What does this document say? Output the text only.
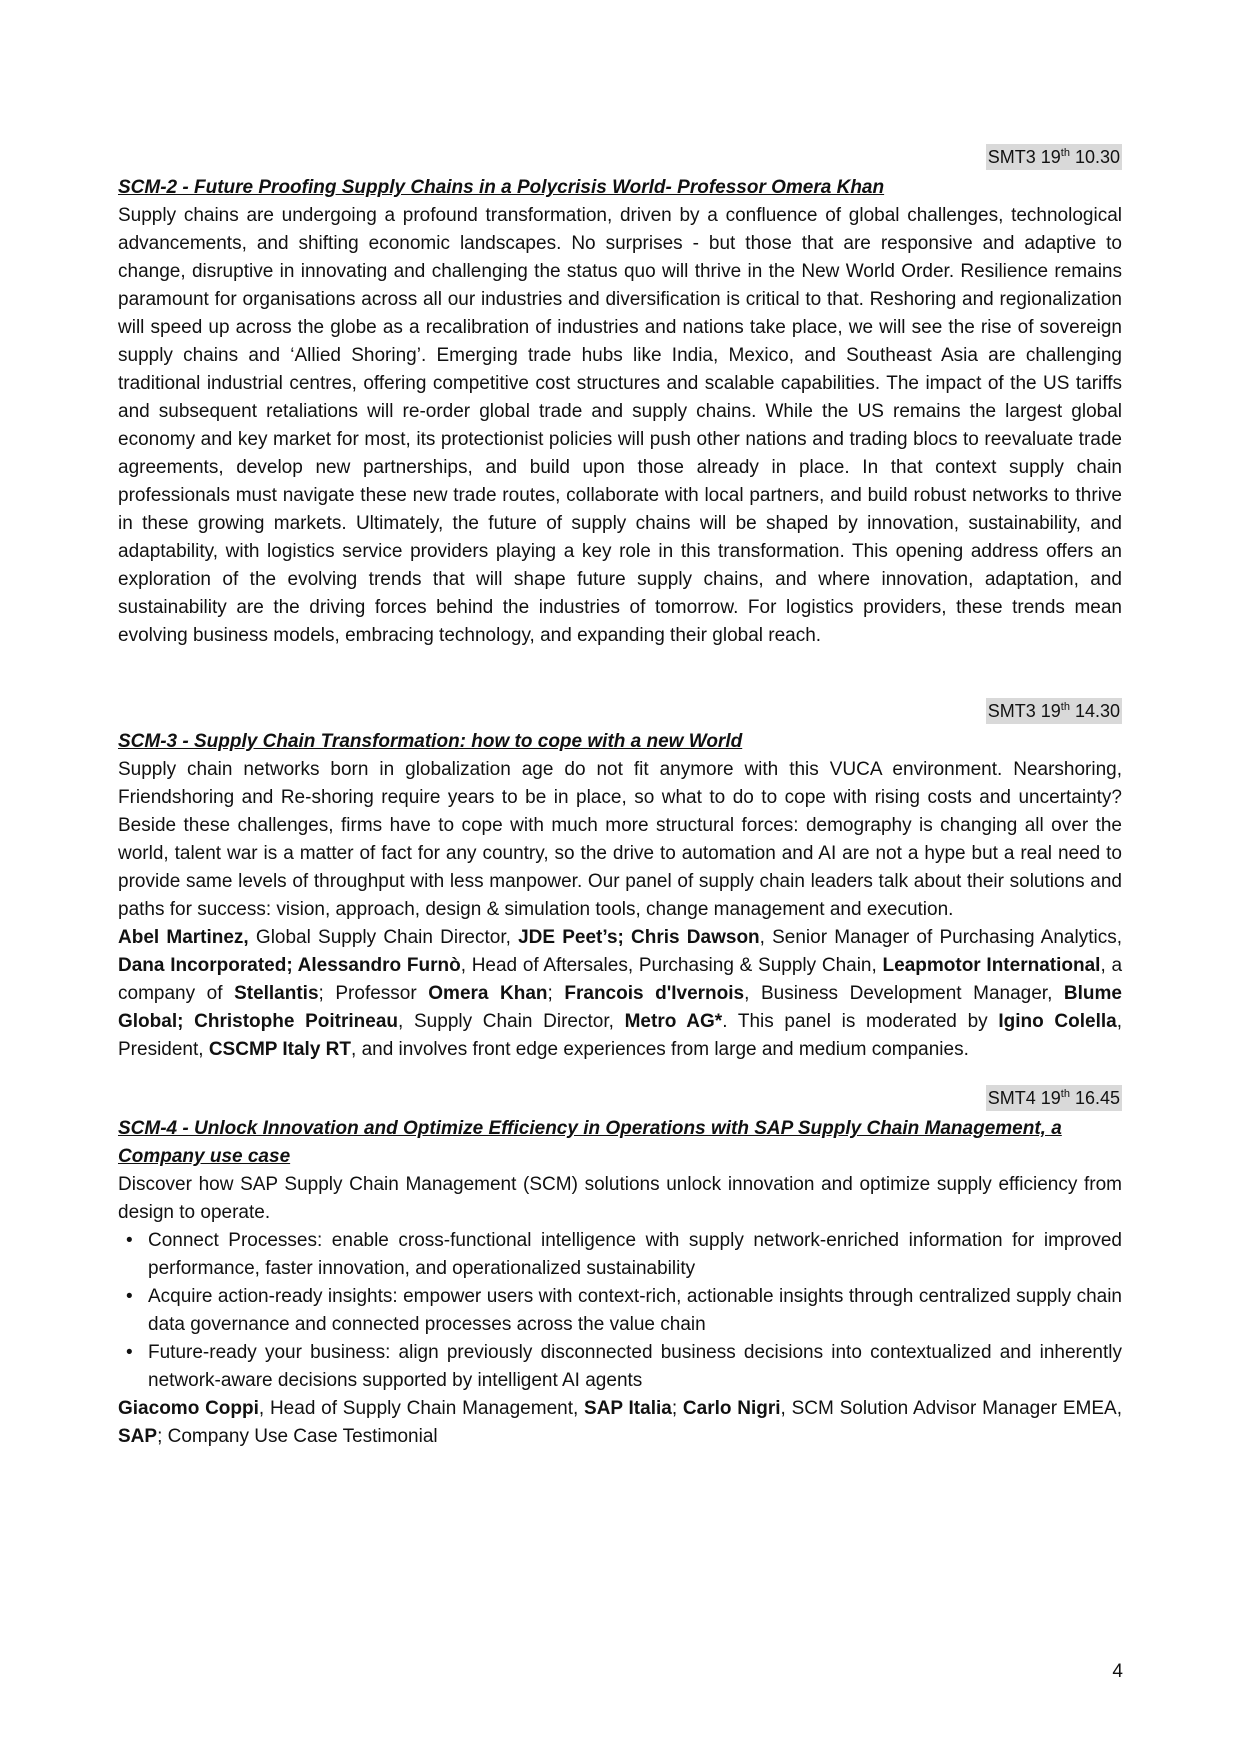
SMT3 19th 10.30

SCM-2 - Future Proofing Supply Chains in a Polycrisis World- Professor Omera Khan

Supply chains are undergoing a profound transformation, driven by a confluence of global challenges, technological advancements, and shifting economic landscapes. No surprises - but those that are responsive and adaptive to change, disruptive in innovating and challenging the status quo will thrive in the New World Order. Resilience remains paramount for organisations across all our industries and diversification is critical to that. Reshoring and regionalization will speed up across the globe as a recalibration of industries and nations take place, we will see the rise of sovereign supply chains and ‘Allied Shoring’. Emerging trade hubs like India, Mexico, and Southeast Asia are challenging traditional industrial centres, offering competitive cost structures and scalable capabilities. The impact of the US tariffs and subsequent retaliations will re-order global trade and supply chains. While the US remains the largest global economy and key market for most, its protectionist policies will push other nations and trading blocs to reevaluate trade agreements, develop new partnerships, and build upon those already in place. In that context supply chain professionals must navigate these new trade routes, collaborate with local partners, and build robust networks to thrive in these growing markets. Ultimately, the future of supply chains will be shaped by innovation, sustainability, and adaptability, with logistics service providers playing a key role in this transformation. This opening address offers an exploration of the evolving trends that will shape future supply chains, and where innovation, adaptation, and sustainability are the driving forces behind the industries of tomorrow. For logistics providers, these trends mean evolving business models, embracing technology, and expanding their global reach.

SMT3 19th 14.30

SCM-3 - Supply Chain Transformation: how to cope with a new World

Supply chain networks born in globalization age do not fit anymore with this VUCA environment. Nearshoring, Friendshoring and Re-shoring require years to be in place, so what to do to cope with rising costs and uncertainty? Beside these challenges, firms have to cope with much more structural forces: demography is changing all over the world, talent war is a matter of fact for any country, so the drive to automation and AI are not a hype but a real need to provide same levels of throughput with less manpower. Our panel of supply chain leaders talk about their solutions and paths for success: vision, approach, design & simulation tools, change management and execution.

Abel Martinez, Global Supply Chain Director, JDE Peet’s; Chris Dawson, Senior Manager of Purchasing Analytics, Dana Incorporated; Alessandro Furnò, Head of Aftersales, Purchasing & Supply Chain, Leapmotor International, a company of Stellantis; Professor Omera Khan; Francois d'Ivernois, Business Development Manager, Blume Global; Christophe Poitrineau, Supply Chain Director, Metro AG*. This panel is moderated by Igino Colella, President, CSCMP Italy RT, and involves front edge experiences from large and medium companies.

SMT4 19th 16.45

SCM-4 - Unlock Innovation and Optimize Efficiency in Operations with SAP Supply Chain Management, a Company use case

Discover how SAP Supply Chain Management (SCM) solutions unlock innovation and optimize supply efficiency from design to operate.

• Connect Processes: enable cross-functional intelligence with supply network-enriched information for improved performance, faster innovation, and operationalized sustainability
• Acquire action-ready insights: empower users with context-rich, actionable insights through centralized supply chain data governance and connected processes across the value chain
• Future-ready your business: align previously disconnected business decisions into contextualized and inherently network-aware decisions supported by intelligent AI agents

Giacomo Coppi, Head of Supply Chain Management, SAP Italia; Carlo Nigri, SCM Solution Advisor Manager EMEA, SAP; Company Use Case Testimonial

4
